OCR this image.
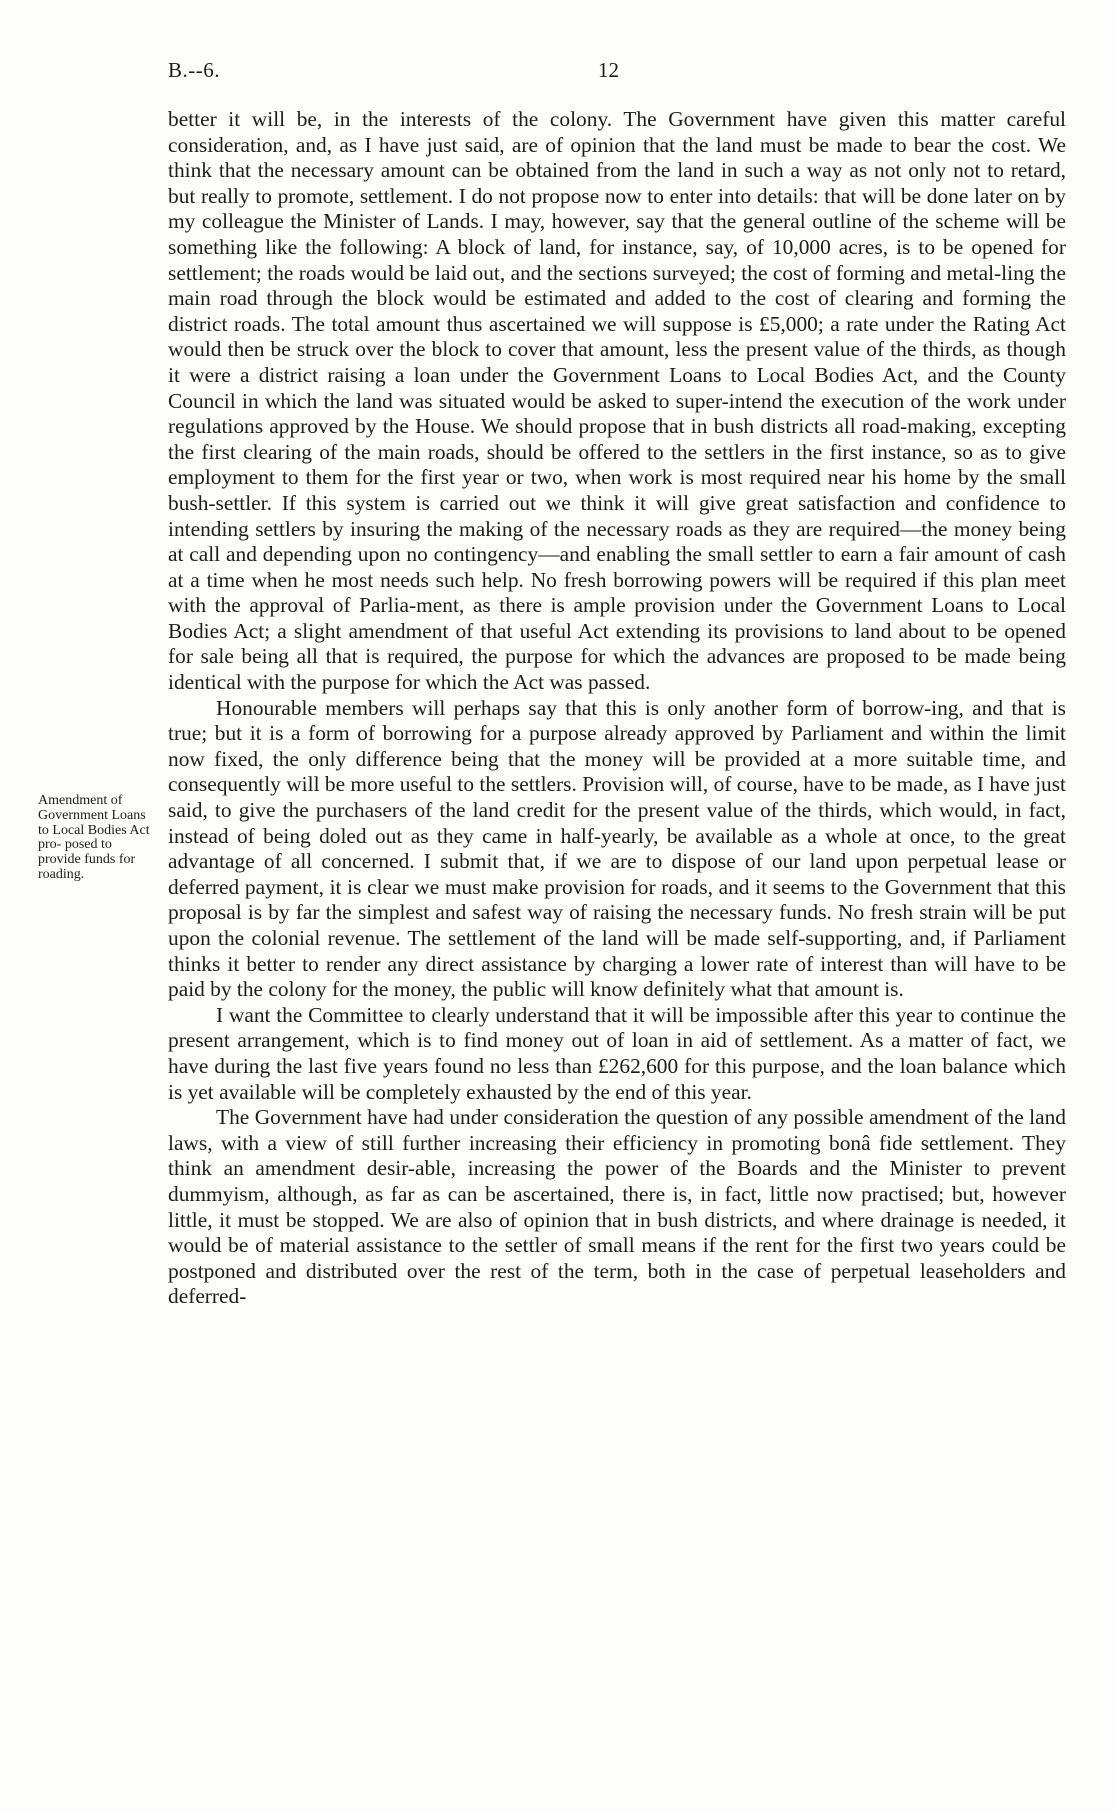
B.--6.	12
Amendment of Government Loans to Local Bodies Act pro- posed to provide funds for roading.

better it will be, in the interests of the colony. The Government have given this matter careful consideration, and, as I have just said, are of opinion that the land must be made to bear the cost. We think that the necessary amount can be obtained from the land in such a way as not only not to retard, but really to promote, settlement. I do not propose now to enter into details: that will be done later on by my colleague the Minister of Lands. I may, however, say that the general outline of the scheme will be something like the following: A block of land, for instance, say, of 10,000 acres, is to be opened for settlement; the roads would be laid out, and the sections surveyed; the cost of forming and metal-ling the main road through the block would be estimated and added to the cost of clearing and forming the district roads. The total amount thus ascertained we will suppose is £5,000; a rate under the Rating Act would then be struck over the block to cover that amount, less the present value of the thirds, as though it were a district raising a loan under the Government Loans to Local Bodies Act, and the County Council in which the land was situated would be asked to super-intend the execution of the work under regulations approved by the House. We should propose that in bush districts all road-making, excepting the first clearing of the main roads, should be offered to the settlers in the first instance, so as to give employment to them for the first year or two, when work is most required near his home by the small bush-settler. If this system is carried out we think it will give great satisfaction and confidence to intending settlers by insuring the making of the necessary roads as they are required—the money being at call and depending upon no contingency—and enabling the small settler to earn a fair amount of cash at a time when he most needs such help. No fresh borrowing powers will be required if this plan meet with the approval of Parlia-ment, as there is ample provision under the Government Loans to Local Bodies Act; a slight amendment of that useful Act extending its provisions to land about to be opened for sale being all that is required, the purpose for which the advances are proposed to be made being identical with the purpose for which the Act was passed.

Honourable members will perhaps say that this is only another form of borrow-ing, and that is true; but it is a form of borrowing for a purpose already approved by Parliament and within the limit now fixed, the only difference being that the money will be provided at a more suitable time, and consequently will be more useful to the settlers. Provision will, of course, have to be made, as I have just said, to give the purchasers of the land credit for the present value of the thirds, which would, in fact, instead of being doled out as they came in half-yearly, be available as a whole at once, to the great advantage of all concerned. I submit that, if we are to dispose of our land upon perpetual lease or deferred payment, it is clear we must make provision for roads, and it seems to the Government that this proposal is by far the simplest and safest way of raising the necessary funds. No fresh strain will be put upon the colonial revenue. The settlement of the land will be made self-supporting, and, if Parliament thinks it better to render any direct assistance by charging a lower rate of interest than will have to be paid by the colony for the money, the public will know definitely what that amount is.

I want the Committee to clearly understand that it will be impossible after this year to continue the present arrangement, which is to find money out of loan in aid of settlement. As a matter of fact, we have during the last five years found no less than £262,600 for this purpose, and the loan balance which is yet available will be completely exhausted by the end of this year.

The Government have had under consideration the question of any possible amendment of the land laws, with a view of still further increasing their efficiency in promoting bonâ fide settlement. They think an amendment desir-able, increasing the power of the Boards and the Minister to prevent dummyism, although, as far as can be ascertained, there is, in fact, little now practised; but, however little, it must be stopped. We are also of opinion that in bush districts, and where drainage is needed, it would be of material assistance to the settler of small means if the rent for the first two years could be postponed and distributed over the rest of the term, both in the case of perpetual leaseholders and deferred-
